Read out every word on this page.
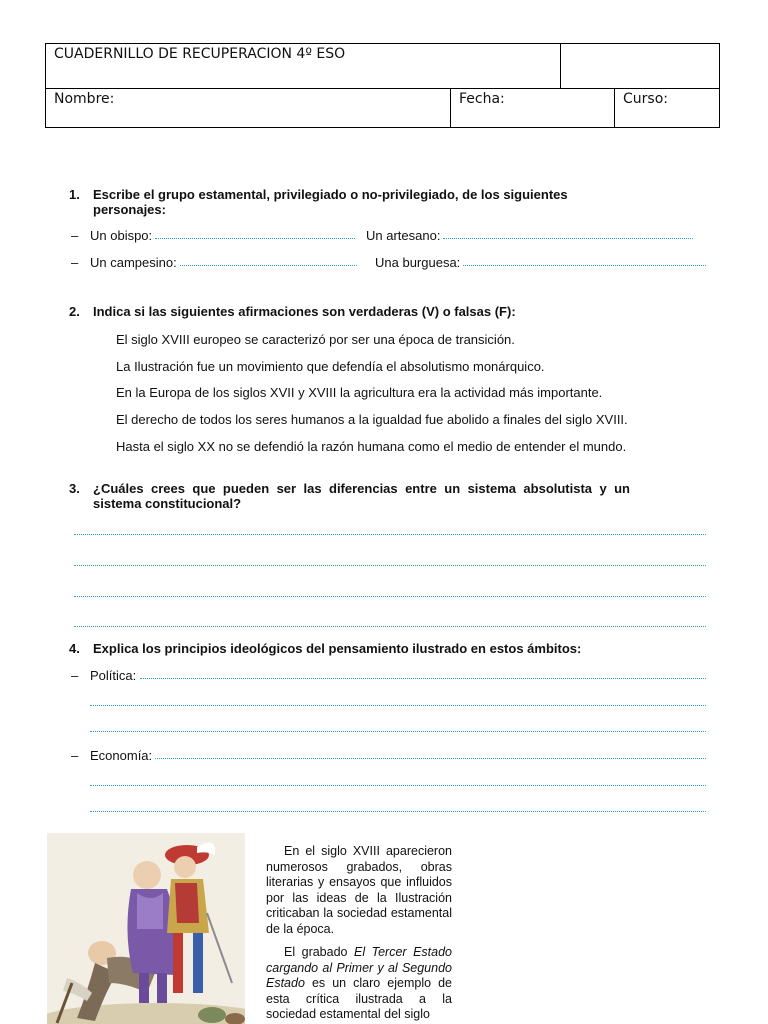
CUADERNILLO DE RECUPERACION 4º ESO
Nombre:	Fecha:	Curso:
1. Escribe el grupo estamental, privilegiado o no-privilegiado, de los siguientes personajes:
– Un obispo:	Un artesano:
– Un campesino:	Una burguesa:
2. Indica si las siguientes afirmaciones son verdaderas (V) o falsas (F):
El siglo XVIII europeo se caracterizó por ser una época de transición.
La Ilustración fue un movimiento que defendía el absolutismo monárquico.
En la Europa de los siglos XVII y XVIII la agricultura era la actividad más importante.
El derecho de todos los seres humanos a la igualdad fue abolido a finales del siglo XVIII.
Hasta el siglo XX no se defendió la razón humana como el medio de entender el mundo.
3. ¿Cuáles crees que pueden ser las diferencias entre un sistema absolutista y un sistema constitucional?
4. Explica los principios ideológicos del pensamiento ilustrado en estos ámbitos:
– Política:
– Economía:
En el siglo XVIII aparecieron numerosos grabados, obras literarias y ensayos que influidos por las ideas de la Ilustración criticaban la sociedad estamental de la época.
El grabado El Tercer Estado cargando al Primer y al Segundo Estado es un claro ejemplo de esta crítica ilustrada a la sociedad estamental del siglo
